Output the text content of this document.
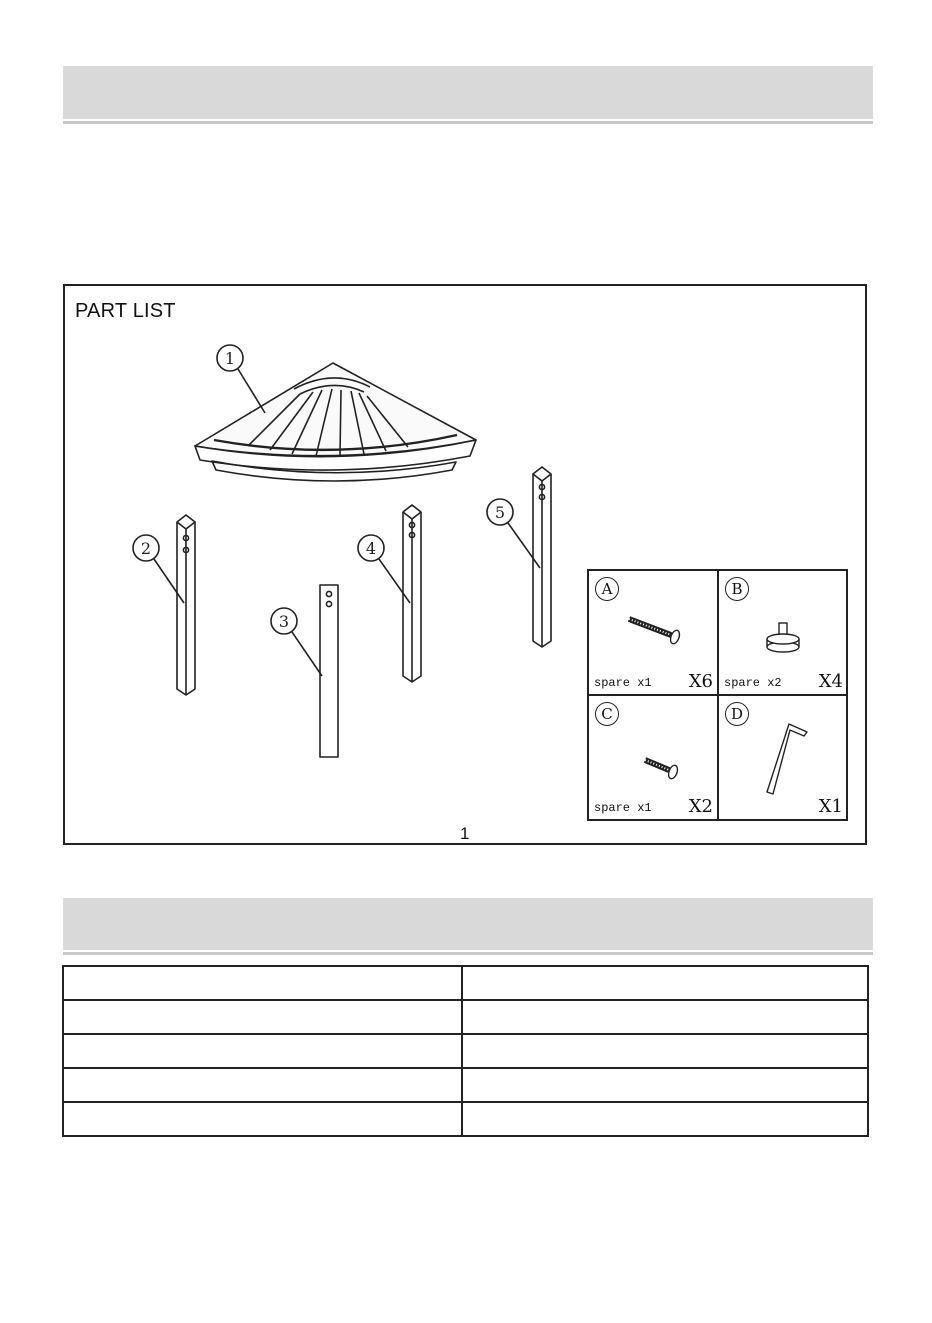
PART LIST
1
1
2
3
4
5
A
spare x1 X6
B
spare x2 X4
C
spare x1 X2
D
X1
